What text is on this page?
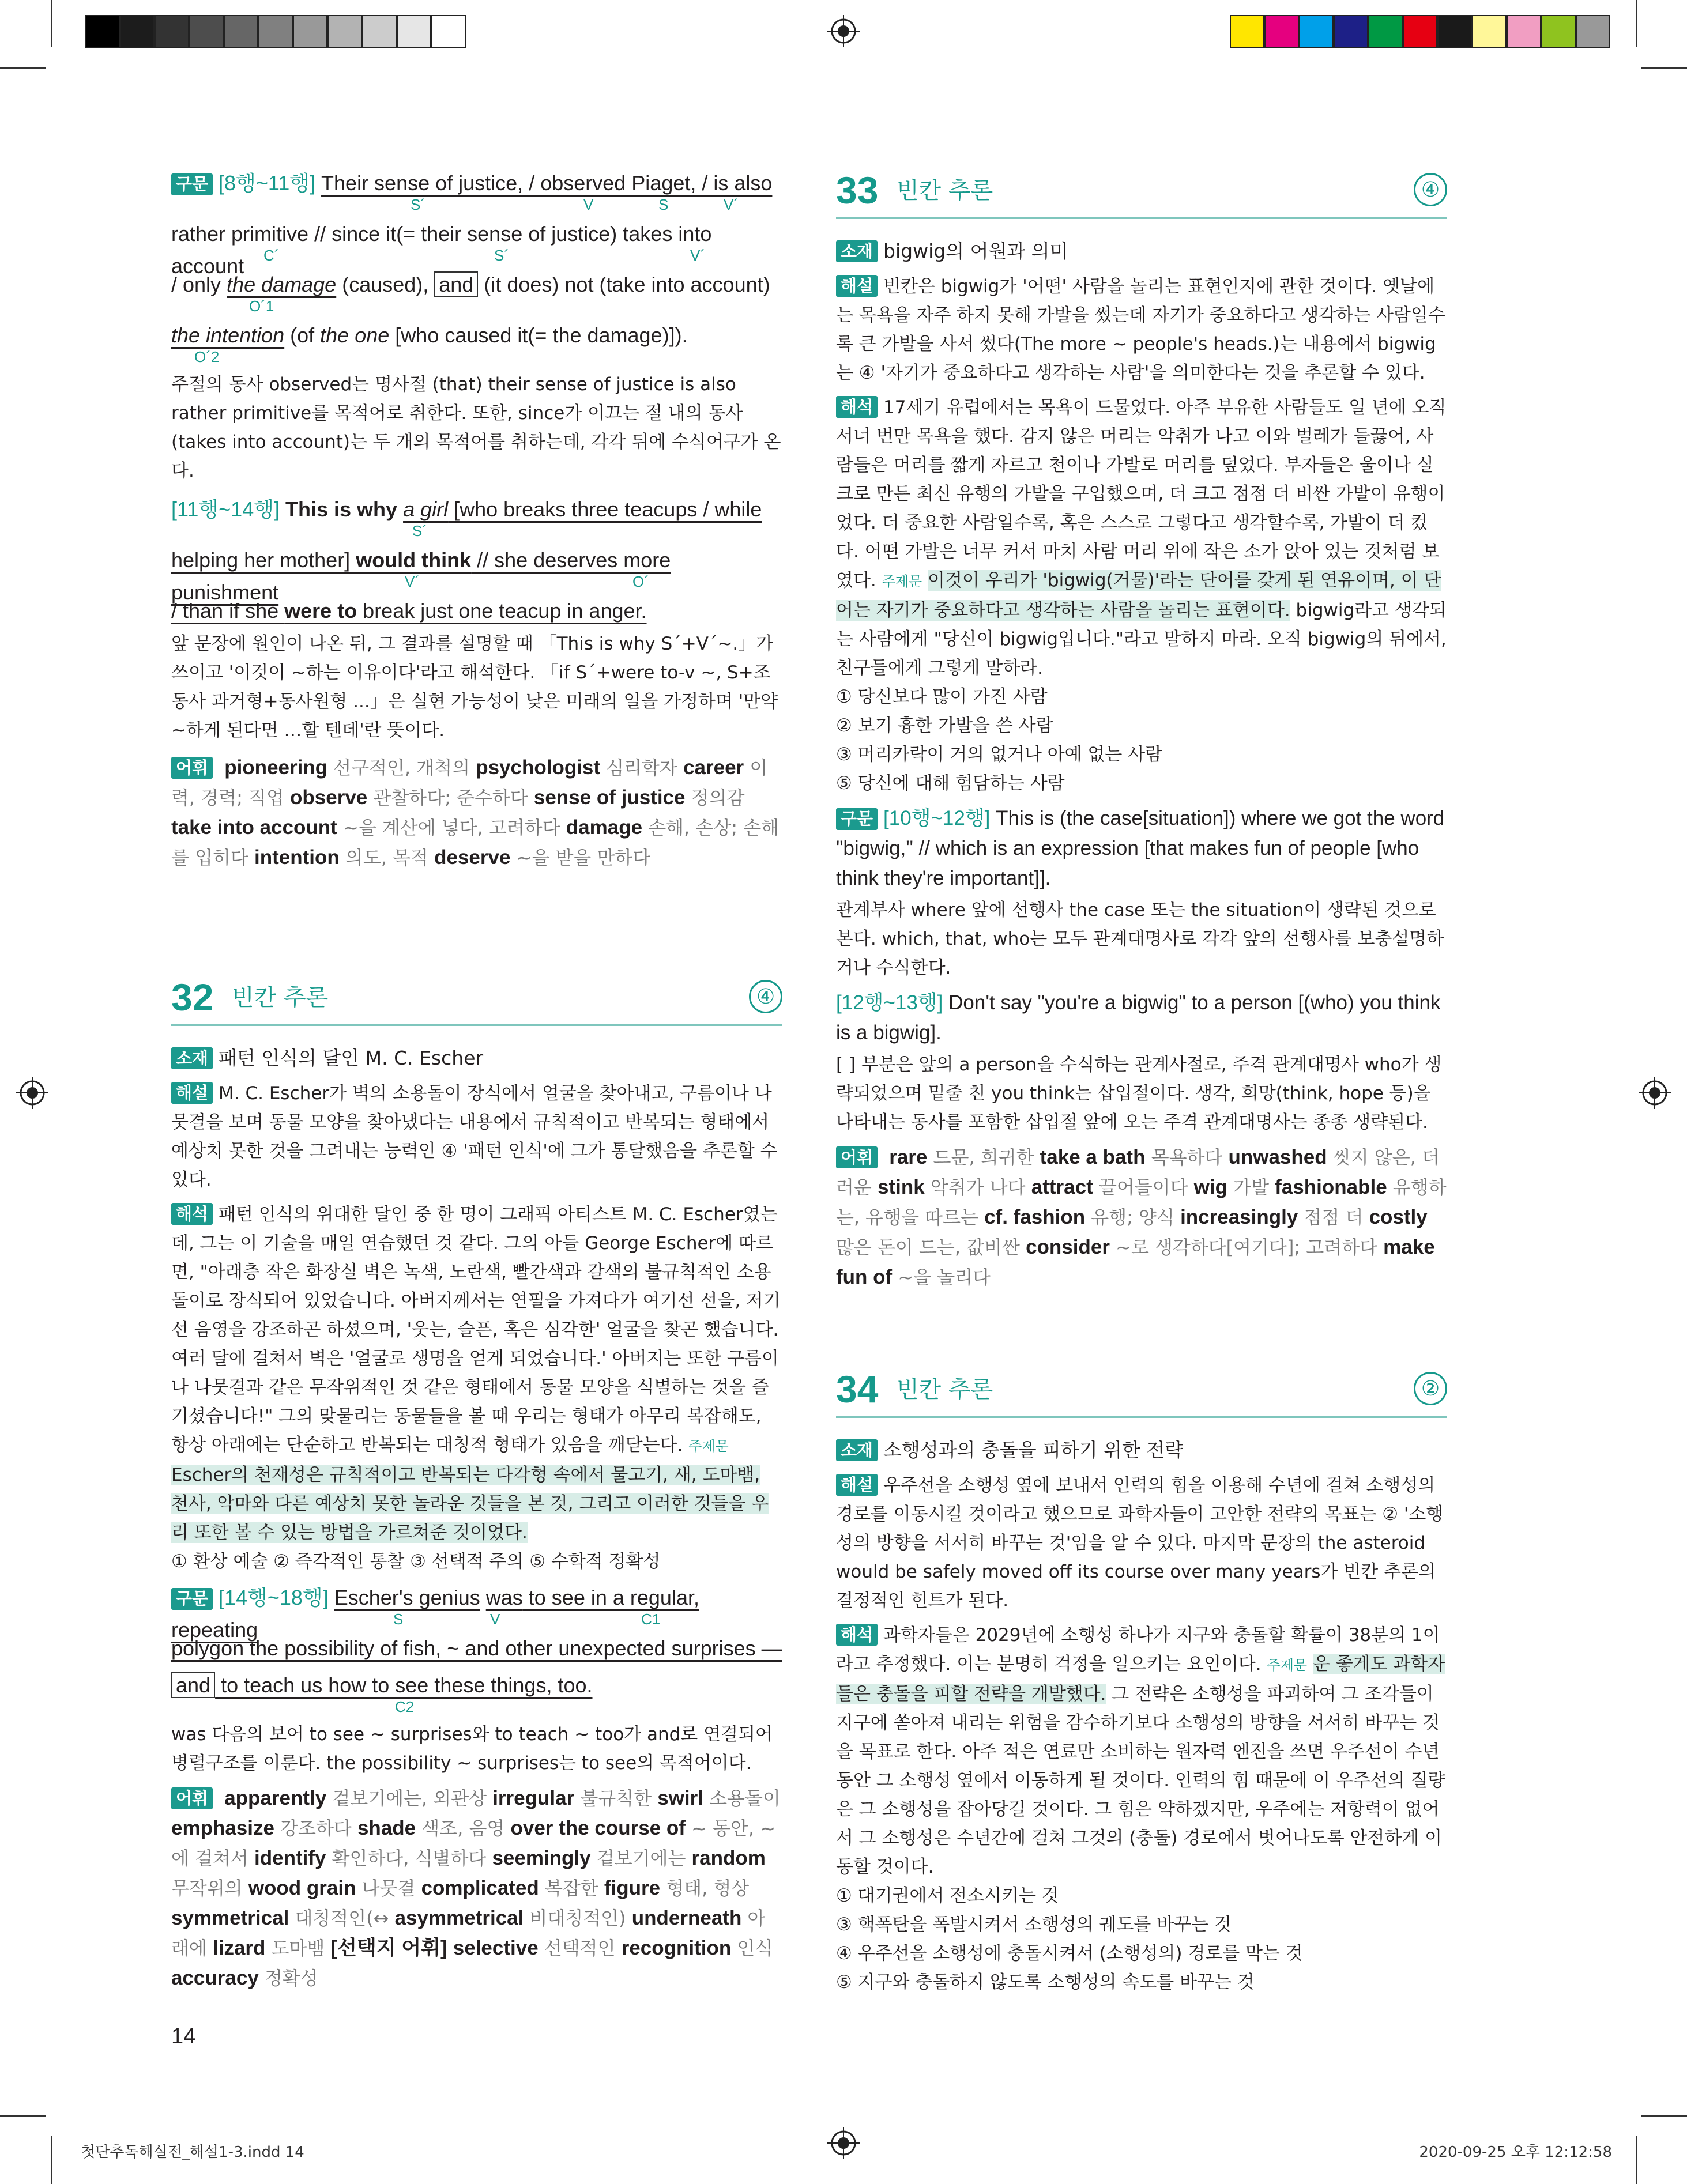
구문 [8행~11행] Their sense of justice, / observed Piaget, / is also
S´	V	S	V´
rather primitive // since it(= their sense of justice) takes into account C´	S´	V´
/ only the damage (caused), and (it does) not (take into account)
O´1
the intention (of the one [who caused it(= the damage)]).
O´2

주절의 동사 observed는 명사절 (that) their sense of justice is also rather primitive를 목적어로 취한다. 또한, since가 이끄는 절 내의 동사(takes into account)는 두 개의 목적어를 취하는데, 각각 뒤에 수식어구가 온다.

[11행~14행] This is why a girl [who breaks three teacups / while
S´
helping her mother] would think // she deserves more punishment	V´	O´
/ than if she were to break just one teacup in anger.

앞 문장에 원인이 나온 뒤, 그 결과를 설명할 때 「This is why S´+V´~.」가 쓰이고 '이것이 ~하는 이유이다'라고 해석한다. 「if S´+were to-v ~, S+조동사 과거형+동사원형 ...」은 실현 가능성이 낮은 미래의 일을 가정하며 '만약 ~하게 된다면 …할 텐데'란 뜻이다.

어휘 pioneering 선구적인, 개척의 psychologist 심리학자 career 이력, 경력; 직업 observe 관찰하다; 준수하다 sense of justice 정의감 take into account ~을 계산에 넣다, 고려하다 damage 손해, 손상; 손해를 입히다 intention 의도, 목적 deserve ~을 받을 만하다
32 빈칸 추론	④

소재 패턴 인식의 달인 M. C. Escher

해설 M. C. Escher가 벽의 소용돌이 장식에서 얼굴을 찾아내고, 구름이나 나뭇결을 보며 동물 모양을 찾아냈다는 내용에서 규칙적이고 반복되는 형태에서 예상치 못한 것을 그려내는 능력인 ④ '패턴 인식'에 그가 통달했음을 추론할 수 있다.

해석 패턴 인식의 위대한 달인 중 한 명이 그래픽 아티스트 M. C. Escher였는데, 그는 이 기술을 매일 연습했던 것 같다. 그의 아들 George Escher에 따르면, "아래층 작은 화장실 벽은 녹색, 노란색, 빨간색과 갈색의 불규칙적인 소용돌이로 장식되어 있었습니다. 아버지께서는 연필을 가져다가 여기선 선을, 저기선 음영을 강조하곤 하셨으며, '웃는, 슬픈, 혹은 심각한' 얼굴을 찾곤 했습니다. 여러 달에 걸쳐서 벽은 '얼굴로 생명을 얻게 되었습니다.' 아버지는 또한 구름이나 나뭇결과 같은 무작위적인 것 같은 형태에서 동물 모양을 식별하는 것을 즐기셨습니다!" 그의 맞물리는 동물들을 볼 때 우리는 형태가 아무리 복잡해도, 항상 아래에는 단순하고 반복되는 대칭적 형태가 있음을 깨닫는다. 주제문 Escher의 천재성은 규칙적이고 반복되는 다각형 속에서 물고기, 새, 도마뱀, 천사, 악마와 다른 예상치 못한 놀라운 것들을 본 것, 그리고 이러한 것들을 우리 또한 볼 수 있는 방법을 가르쳐준 것이었다.

① 환상 예술 ② 즉각적인 통찰 ③ 선택적 주의 ⑤ 수학적 정확성

구문 [14행~18행] Escher's genius was to see in a regular, repeating	S	V	C1
polygon the possibility of fish, ~ and other unexpected surprises —
and to teach us how to see these things, too.
C2

was 다음의 보어 to see ~ surprises와 to teach ~ too가 and로 연결되어 병렬구조를 이룬다. the possibility ~ surprises는 to see의 목적어이다.

어휘 apparently 겉보기에는, 외관상 irregular 불규칙한 swirl 소용돌이 emphasize 강조하다 shade 색조, 음영 over the course of ~ 동안, ~에 걸쳐서 identify 확인하다, 식별하다 seemingly 겉보기에는 random 무작위의 wood grain 나뭇결 complicated 복잡한 figure 형태, 형상 symmetrical 대칭적인(↔ asymmetrical 비대칭적인) underneath 아래에 lizard 도마뱀 [선택지 어휘] selective 선택적인 recognition 인식 accuracy 정확성
33 빈칸 추론	④

소재 bigwig의 어원과 의미

해설 빈칸은 bigwig가 '어떤' 사람을 놀리는 표현인지에 관한 것이다. 옛날에는 목욕을 자주 하지 못해 가발을 썼는데 자기가 중요하다고 생각하는 사람일수록 큰 가발을 사서 썼다(The more ~ people's heads.)는 내용에서 bigwig는 ④ '자기가 중요하다고 생각하는 사람'을 의미한다는 것을 추론할 수 있다.

해석 17세기 유럽에서는 목욕이 드물었다. 아주 부유한 사람들도 일 년에 오직 서너 번만 목욕을 했다. 감지 않은 머리는 악취가 나고 이와 벌레가 들끓어, 사람들은 머리를 짧게 자르고 천이나 가발로 머리를 덮었다. 부자들은 울이나 실크로 만든 최신 유행의 가발을 구입했으며, 더 크고 점점 더 비싼 가발이 유행이었다. 더 중요한 사람일수록, 혹은 스스로 그렇다고 생각할수록, 가발이 더 컸다. 어떤 가발은 너무 커서 마치 사람 머리 위에 작은 소가 앉아 있는 것처럼 보였다. 주제문 이것이 우리가 'bigwig(거물)'라는 단어를 갖게 된 연유이며, 이 단어는 자기가 중요하다고 생각하는 사람을 놀리는 표현이다. bigwig라고 생각되는 사람에게 "당신이 bigwig입니다."라고 말하지 마라. 오직 bigwig의 뒤에서, 친구들에게 그렇게 말하라.

① 당신보다 많이 가진 사람
② 보기 흉한 가발을 쓴 사람
③ 머리카락이 거의 없거나 아예 없는 사람
⑤ 당신에 대해 험담하는 사람

구문 [10행~12행] This is (the case[situation]) where we got the word "bigwig," // which is an expression [that makes fun of people [who think they're important]].

관계부사 where 앞에 선행사 the case 또는 the situation이 생략된 것으로 본다. which, that, who는 모두 관계대명사로 각각 앞의 선행사를 보충설명하거나 수식한다.

[12행~13행] Don't say "you're a bigwig" to a person [(who) you think is a bigwig].

[ ] 부분은 앞의 a person을 수식하는 관계사절로, 주격 관계대명사 who가 생략되었으며 밑줄 친 you think는 삽입절이다. 생각, 희망(think, hope 등)을 나타내는 동사를 포함한 삽입절 앞에 오는 주격 관계대명사는 종종 생략된다.

어휘 rare 드문, 희귀한 take a bath 목욕하다 unwashed 씻지 않은, 더러운 stink 악취가 나다 attract 끌어들이다 wig 가발 fashionable 유행하는, 유행을 따르는 cf. fashion 유행; 양식 increasingly 점점 더 costly 많은 돈이 드는, 값비싼 consider ~로 생각하다[여기다]; 고려하다 make fun of ~을 놀리다
34 빈칸 추론	②

소재 소행성과의 충돌을 피하기 위한 전략

해설 우주선을 소행성 옆에 보내서 인력의 힘을 이용해 수년에 걸쳐 소행성의 경로를 이동시킬 것이라고 했으므로 과학자들이 고안한 전략의 목표는 ② '소행성의 방향을 서서히 바꾸는 것'임을 알 수 있다. 마지막 문장의 the asteroid would be safely moved off its course over many years가 빈칸 추론의 결정적인 힌트가 된다.

해석 과학자들은 2029년에 소행성 하나가 지구와 충돌할 확률이 38분의 1이라고 추정했다. 이는 분명히 걱정을 일으키는 요인이다. 주제문 운 좋게도 과학자들은 충돌을 피할 전략을 개발했다. 그 전략은 소행성을 파괴하여 그 조각들이 지구에 쏟아져 내리는 위험을 감수하기보다 소행성의 방향을 서서히 바꾸는 것을 목표로 한다. 아주 적은 연료만 소비하는 원자력 엔진을 쓰면 우주선이 수년 동안 그 소행성 옆에서 이동하게 될 것이다. 인력의 힘 때문에 이 우주선의 질량은 그 소행성을 잡아당길 것이다. 그 힘은 약하겠지만, 우주에는 저항력이 없어서 그 소행성은 수년간에 걸쳐 그것의 (충돌) 경로에서 벗어나도록 안전하게 이동할 것이다.

① 대기권에서 전소시키는 것
③ 핵폭탄을 폭발시켜서 소행성의 궤도를 바꾸는 것
④ 우주선을 소행성에 충돌시켜서 (소행성의) 경로를 막는 것
⑤ 지구와 충돌하지 않도록 소행성의 속도를 바꾸는 것
14
첫단추독해실전_해설1-3.indd 14	2020-09-25 오후 12:12:58
